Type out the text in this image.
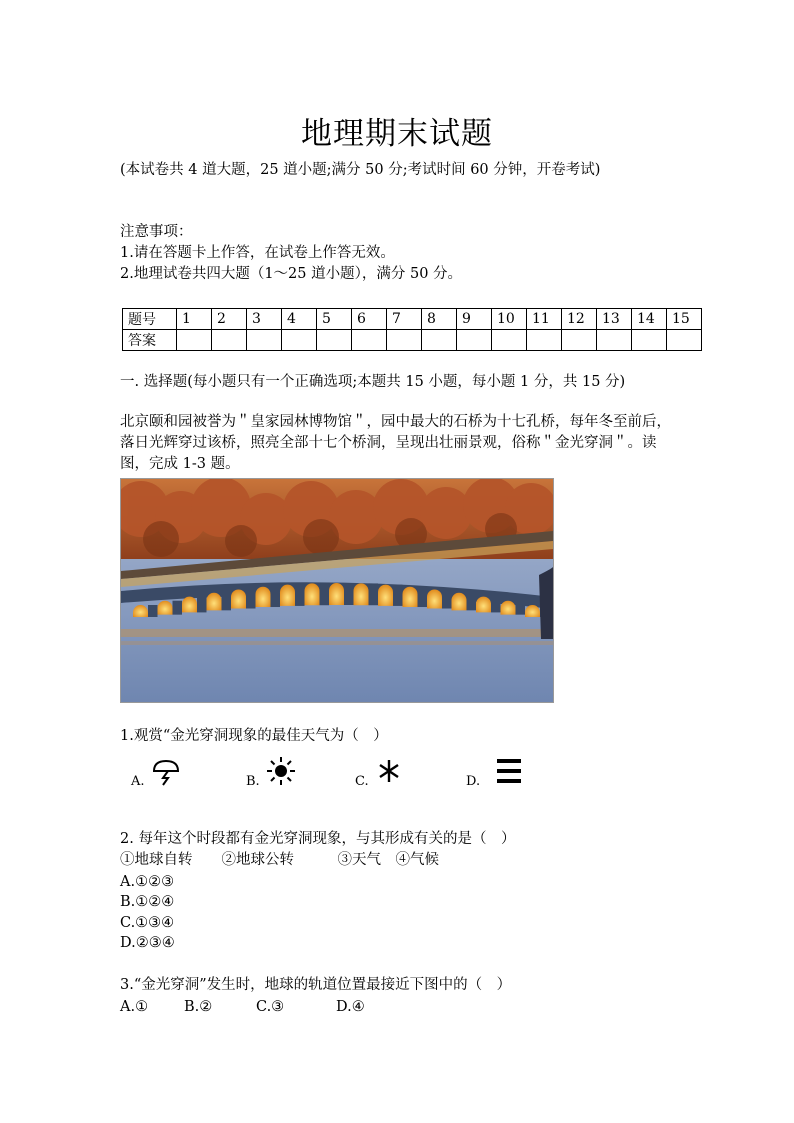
地理期末试题
(本试卷共 4 道大题，25 道小题;满分 50 分;考试时间 60 分钟，开卷考试)
注意事项：
1.请在答题卡上作答，在试卷上作答无效。
2.地理试卷共四大题（1～25 道小题），满分 50 分。
题号	1	2	3	4	5	6	7	8	9	10	11	12	13	14	15
答案															
一. 选择题(每小题只有一个正确选项;本题共 15 小题，每小题 1 分，共 15 分)
北京颐和园被誉为＂皇家园林博物馆＂，园中最大的石桥为十七孔桥，每年冬至前后，落日光辉穿过该桥，照亮全部十七个桥洞，呈现出壮丽景观，俗称＂金光穿洞＂。读图，完成 1-3 题。
1.观赏“金光穿洞现象的最佳天气为（　）
A.	B.	C.	D.
2. 每年这个时段都有金光穿洞现象，与其形成有关的是（　）
①地球自转　　②地球公转　　　③天气　④气候
A.①②③
B.①②④
C.①③④
D.②③④
3.“金光穿洞”发生时，地球的轨道位置最接近下图中的（　）
A.① B.②	C.③	D.④
